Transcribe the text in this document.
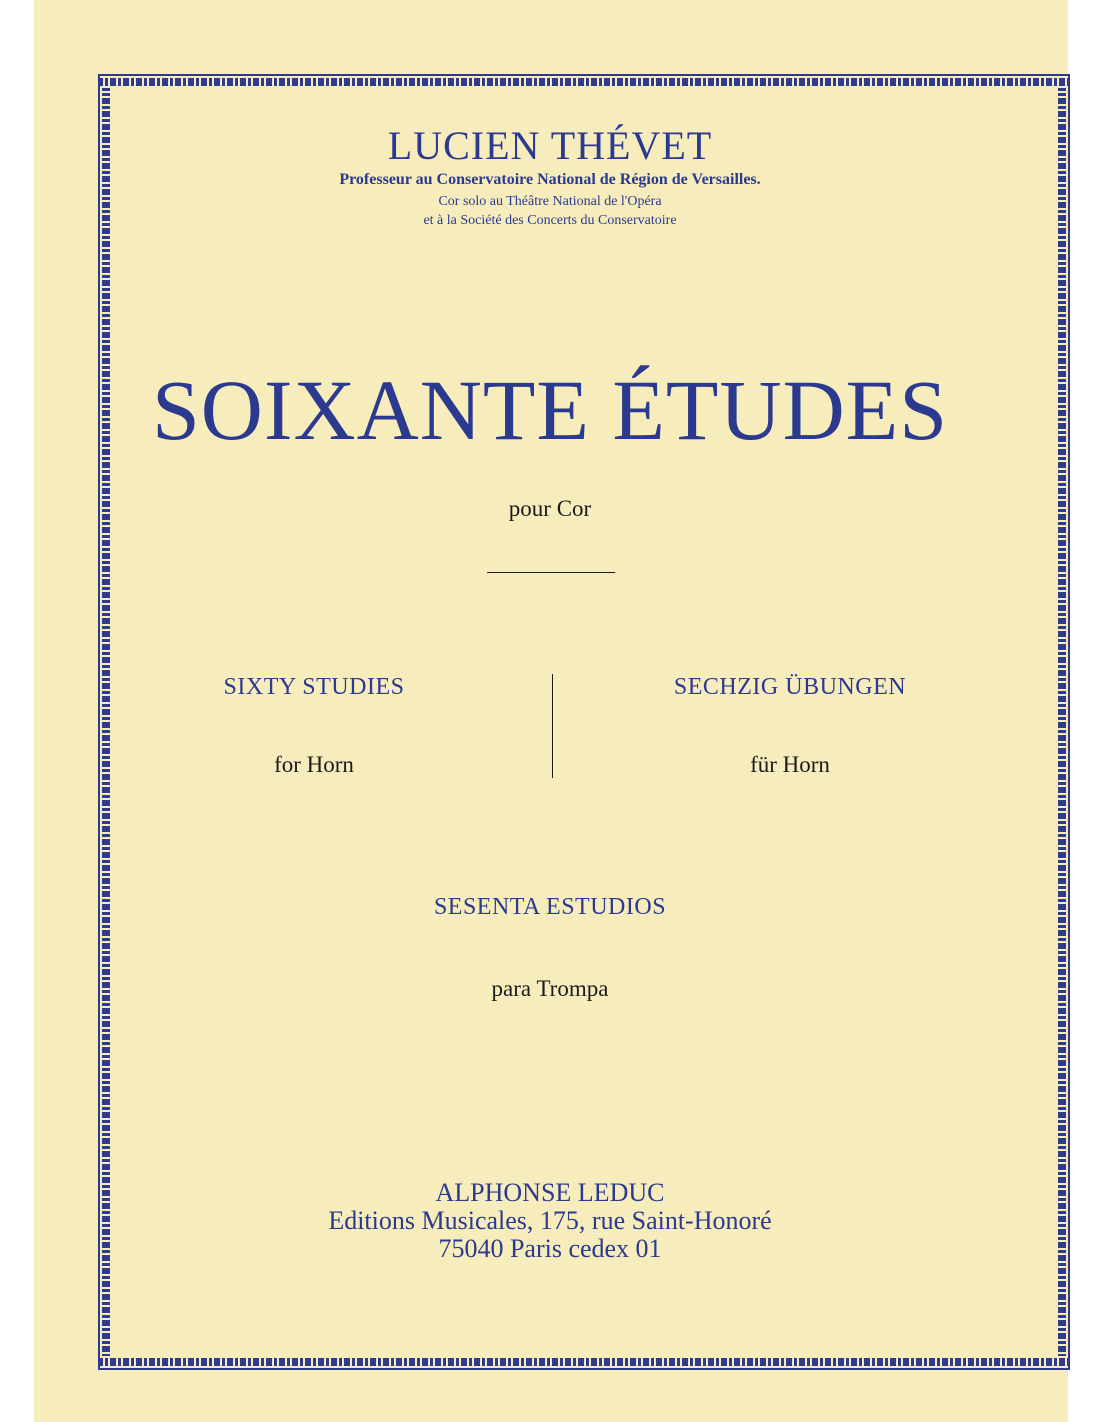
LUCIEN THÉVET
Professeur au Conservatoire National de Région de Versailles.
Cor solo au Théâtre National de l'Opéra
et à la Société des Concerts du Conservatoire
SOIXANTE ÉTUDES
pour Cor
SIXTY STUDIES
for Horn
SECHZIG ÜBUNGEN
für Horn
SESENTA ESTUDIOS
para Trompa
ALPHONSE LEDUC
Editions Musicales, 175, rue Saint-Honoré
75040 Paris cedex 01
